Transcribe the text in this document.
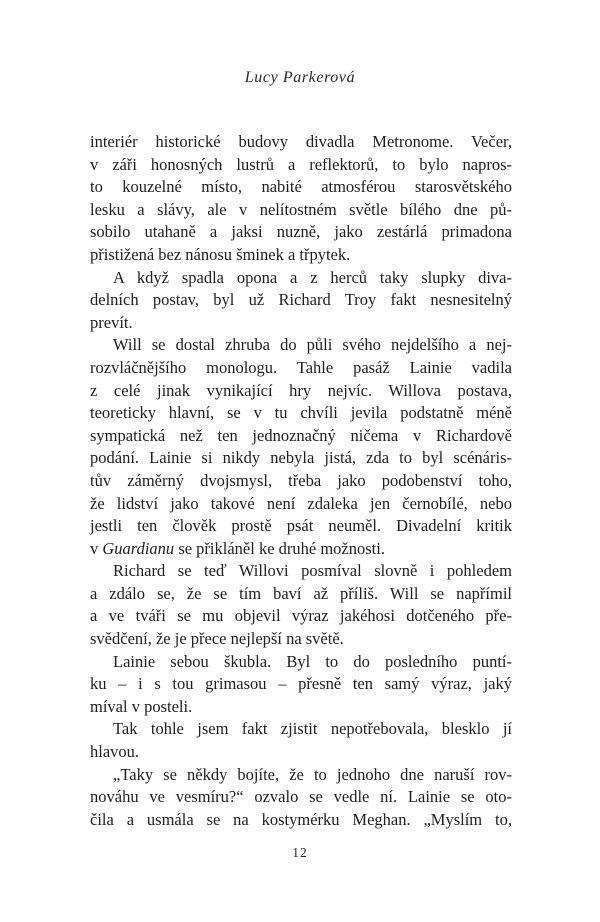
Lucy Parkerová
interiér historické budovy divadla Metronome. Večer,
v záři honosných lustrů a reflektorů, to bylo napros-
to kouzelné místo, nabité atmosférou starosvětského
lesku a slávy, ale v nelítostném světle bílého dne pů-
sobilo utahaně a jaksi nuzně, jako zestárlá primadona
přistižená bez nánosu šminek a třpytek.
A když spadla opona a z herců taky slupky diva-
delních postav, byl už Richard Troy fakt nesnesitelný
prevít.
Will se dostal zhruba do půli svého nejdelšího a nej-
rozvláčnějšího monologu. Tahle pasáž Lainie vadila
z celé jinak vynikající hry nejvíc. Willova postava,
teoreticky hlavní, se v tu chvíli jevila podstatně méně
sympatická než ten jednoznačný ničema v Richardově
podání. Lainie si nikdy nebyla jistá, zda to byl scénáris-
tův záměrný dvojsmysl, třeba jako podobenství toho,
že lidství jako takové není zdaleka jen černobílé, nebo
jestli ten člověk prostě psát neuměl. Divadelní kritik
v Guardianu se přikláněl ke druhé možnosti.
Richard se teď Willovi posmíval slovně i pohledem
a zdálo se, že se tím baví až příliš. Will se napřímil
a ve tváři se mu objevil výraz jakéhosi dotčeného pře-
svědčení, že je přece nejlepší na světě.
Lainie sebou škubla. Byl to do posledního puntí-
ku – i s tou grimasou – přesně ten samý výraz, jaký
míval v posteli.
Tak tohle jsem fakt zjistit nepotřebovala, blesklo jí
hlavou.
„Taky se někdy bojíte, že to jednoho dne naruší rov-
nováhu ve vesmíru?“ ozvalo se vedle ní. Lainie se oto-
čila a usmála se na kostymérku Meghan. „Myslím to,
12
